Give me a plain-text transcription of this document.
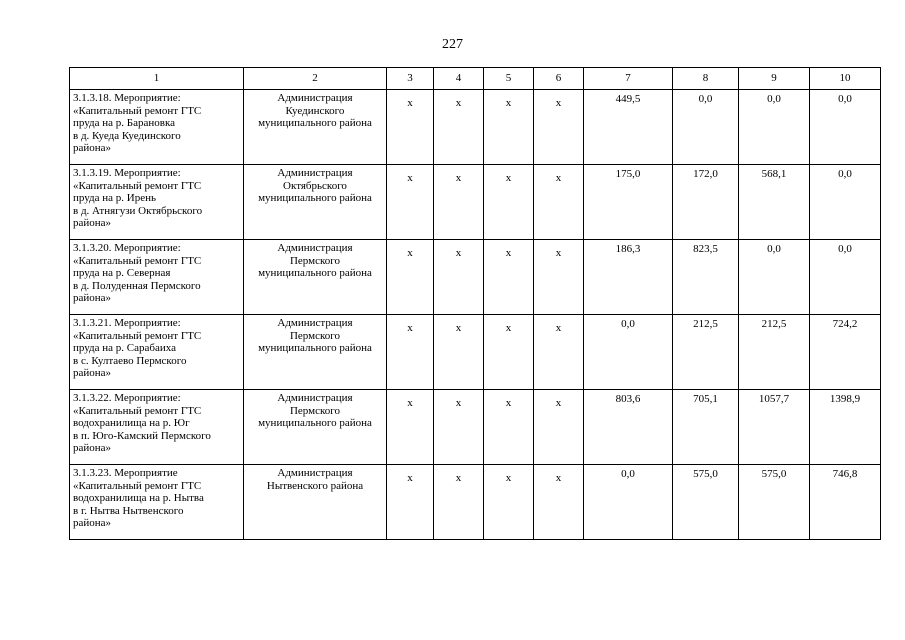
227
1	2	3	4	5	6	7	8	9	10
3.1.3.18. Мероприятие:
«Капитальный ремонт ГТС
пруда на р. Барановка
в д. Куеда Куединского
района»	Администрация
Куединского
муниципального района	x	x	x	x	449,5	0,0	0,0	0,0
3.1.3.19. Мероприятие:
«Капитальный ремонт ГТС
пруда на р. Ирень
в д. Атнягузи Октябрьского
района»	Администрация
Октябрьского
муниципального района	x	x	x	x	175,0	172,0	568,1	0,0
3.1.3.20. Мероприятие:
«Капитальный ремонт ГТС
пруда на р. Северная
в д. Полуденная Пермского
района»	Администрация
Пермского
муниципального района	x	x	x	x	186,3	823,5	0,0	0,0
3.1.3.21. Мероприятие:
«Капитальный ремонт ГТС
пруда на р. Сарабаиха
в с. Култаево Пермского
района»	Администрация
Пермского
муниципального района	x	x	x	x	0,0	212,5	212,5	724,2
3.1.3.22. Мероприятие:
«Капитальный ремонт ГТС
водохранилища на р. Юг
в п. Юго-Камский Пермского
района»	Администрация
Пермского
муниципального района	x	x	x	x	803,6	705,1	1057,7	1398,9
3.1.3.23. Мероприятие
«Капитальный ремонт ГТС
водохранилища на р. Нытва
в г. Нытва Нытвенского
района»	Администрация
Нытвенского района	x	x	x	x	0,0	575,0	575,0	746,8
